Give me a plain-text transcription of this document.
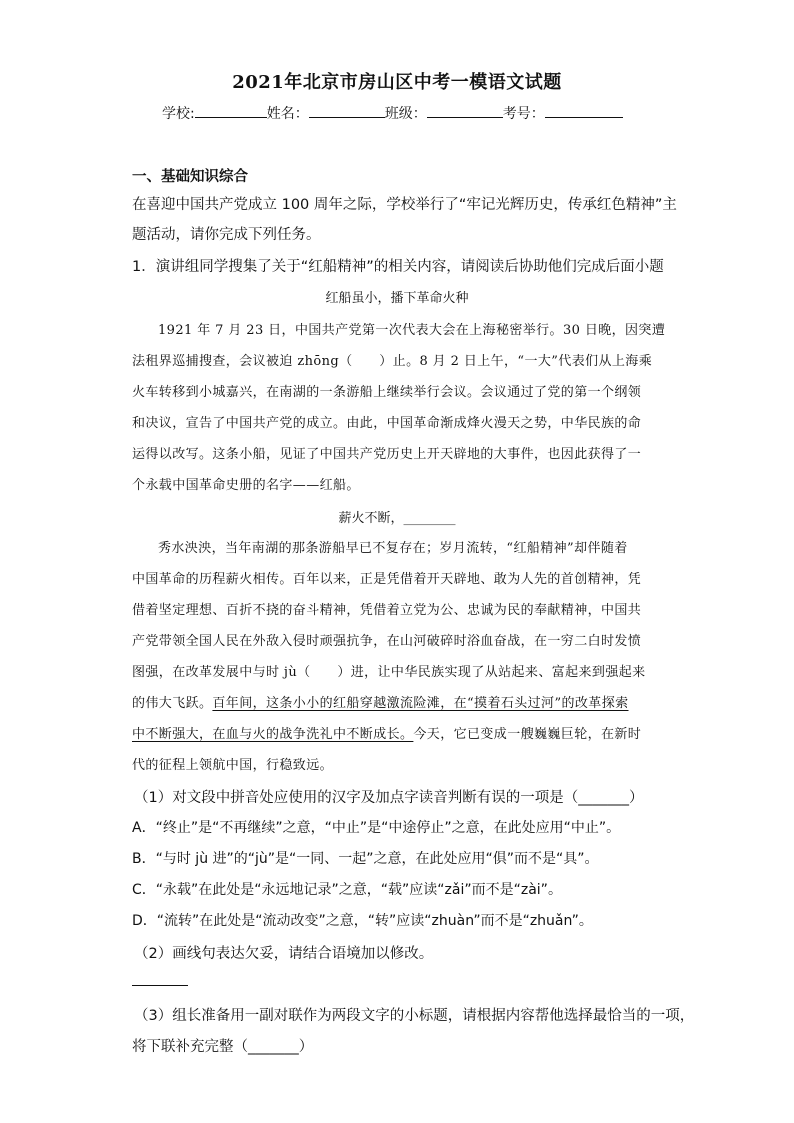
2021年北京市房山区中考一模语文试题
学校:	姓名：	班级：	考号：
一、基础知识综合
在喜迎中国共产党成立 100 周年之际，学校举行了“牢记光辉历史，传承红色精神”主
题活动，请你完成下列任务。
1．演讲组同学搜集了关于“红船精神”的相关内容，请阅读后协助他们完成后面小题
红船虽小，播下革命火种
1921 年 7 月 23 日，中国共产党第一次代表大会在上海秘密举行。30 日晚，因突遭
法租界巡捕搜查，会议被迫 zhōng（　　）止。8 月 2 日上午，“一大”代表们从上海乘
火车转移到小城嘉兴，在南湖的一条游船上继续举行会议。会议通过了党的第一个纲领
和决议，宣告了中国共产党的成立。由此，中国革命渐成烽火漫天之势，中华民族的命
运得以改写。这条小船，见证了中国共产党历史上开天辟地的大事件，也因此获得了一
个永载中国革命史册的名字——红船。
薪火不断，________
秀水泱泱，当年南湖的那条游船早已不复存在；岁月流转，“红船精神”却伴随着
中国革命的历程薪火相传。百年以来，正是凭借着开天辟地、敢为人先的首创精神，凭
借着坚定理想、百折不挠的奋斗精神，凭借着立党为公、忠诚为民的奉献精神，中国共
产党带领全国人民在外敌入侵时顽强抗争，在山河破碎时浴血奋战，在一穷二白时发愤
图强，在改革发展中与时 jù（　　）进，让中华民族实现了从站起来、富起来到强起来
的伟大飞跃。百年间，这条小小的红船穿越激流险滩，在“摸着石头过河”的改革探索
中不断强大，在血与火的战争洗礼中不断成长。今天，它已变成一艘巍巍巨轮，在新时
代的征程上领航中国，行稳致远。
（1）对文段中拼音处应使用的汉字及加点字读音判断有误的一项是（_______）
A．“终止”是“不再继续”之意，“中止”是“中途停止”之意，在此处应用“中止”。
B．“与时 jù 进”的“jù”是“一同、一起”之意，在此处应用“俱”而不是“具”。
C．“永载”在此处是“永远地记录”之意，“载”应读“zǎi”而不是“zài”。
D．“流转”在此处是“流动改变”之意，“转”应读“zhuàn”而不是“zhuǎn”。
（2）画线句表达欠妥，请结合语境加以修改。
（3）组长准备用一副对联作为两段文字的小标题，请根据内容帮他选择最恰当的一项，
将下联补充完整（_______）
